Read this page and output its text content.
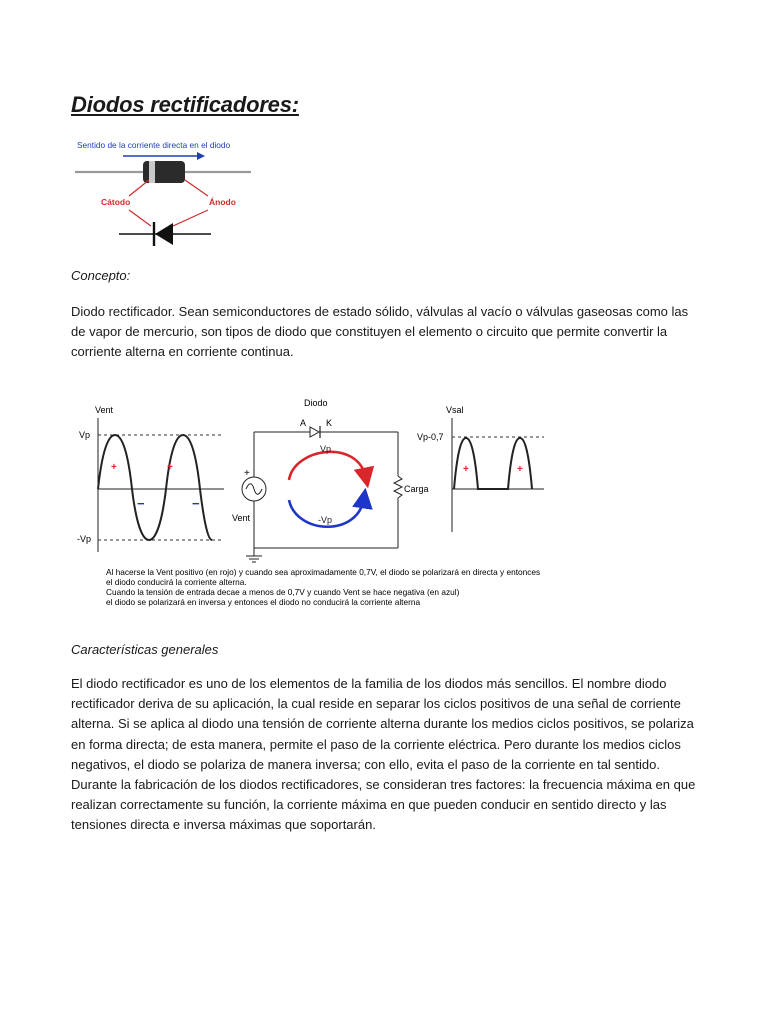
Diodos rectificadores:
Sentido de la corriente directa en el diodo
Cátodo	Ánodo

Concepto:

Diodo rectificador. Sean semiconductores de estado sólido, válvulas al vacío o válvulas gaseosas como las de vapor de mercurio, son tipos de diodo que constituyen el elemento o circuito que permite convertir la corriente alterna en corriente continua.

Vent
Vp
-Vp
+	+
−	−
Diodo
A K
+
Vent
Carga
Vp
-Vp
Vsal
Vp-0,7
+	+
Al hacerse la Vent positivo (en rojo) y cuando sea aproximadamente 0,7V, el diodo se polarizará en directa y entonces
el diodo conducirá la corriente alterna.
Cuando la tensión de entrada decae a menos de 0,7V y cuando Vent se hace negativa (en azul)
el diodo se polarizará en inversa y entonces el diodo no conducirá la corriente alterna

Características generales

El diodo rectificador es uno de los elementos de la familia de los diodos más sencillos. El nombre diodo rectificador deriva de su aplicación, la cual reside en separar los ciclos positivos de una señal de corriente alterna. Si se aplica al diodo una tensión de corriente alterna durante los medios ciclos positivos, se polariza en forma directa; de esta manera, permite el paso de la corriente eléctrica. Pero durante los medios ciclos negativos, el diodo se polariza de manera inversa; con ello, evita el paso de la corriente en tal sentido. Durante la fabricación de los diodos rectificadores, se consideran tres factores: la frecuencia máxima en que realizan correctamente su función, la corriente máxima en que pueden conducir en sentido directo y las tensiones directa e inversa máximas que soportarán.
